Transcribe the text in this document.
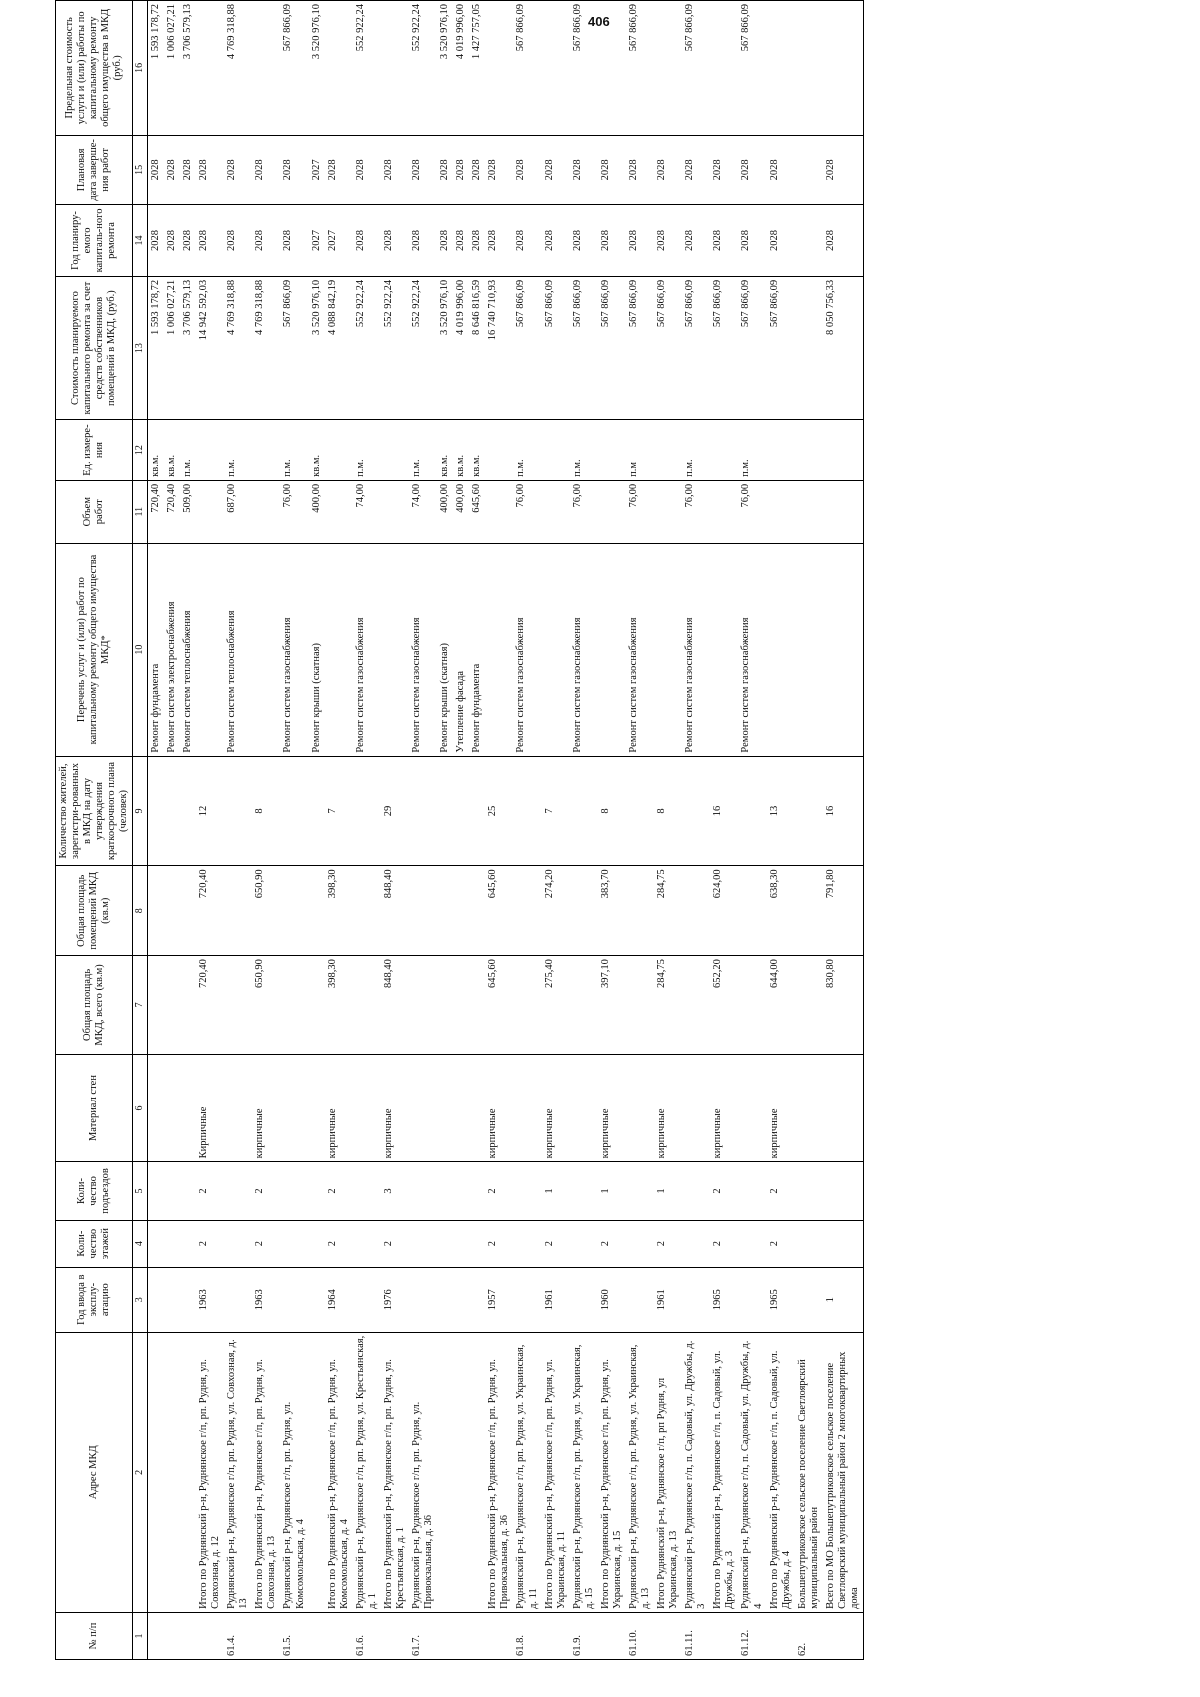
406
№ п/п	Адрес МКД	Год ввода в эксплу-атацию	Коли-чество этажей	Коли-чество подъездов	Материал стен	Общая площадь МКД, всего (кв.м)	Общая площадь помещений МКД (кв.м)	Количество жителей, зарегистри-рованных в МКД на дату утверждения краткосрочного плана (человек)	Перечень услуг и (или) работ по капитальному ремонту общего имущества МКД*	Объем работ	Ед. измере-ния	Стоимость планируемого капитального ремонта за счет средств собственников помещений в МКД, (руб.)	Год планиру-емого капиталь-ного ремонта	Плановая дата заверше-ния работ	Предельная стоимость услуги и (или) работы по капитальному ремонту общего имущества в МКД (руб.)
1	2	3	4	5	6	7	8	9	10	11	12	13	14	15	16
									Ремонт фундамента	720,40	кв.м.	1 593 178,72	2028	2028	1 593 178,72
									Ремонт систем электроснабжения	720,40	кв.м.	1 006 027,21	2028	2028	1 006 027,21
									Ремонт систем теплоснабжения	509,00	п.м.	3 706 579,13	2028	2028	3 706 579,13
	Итого по Руднянский р-н, Руднянское г/п, рп. Рудня, ул. Совхозная, д. 12	1963	2	2	Кирпичные	720,40	720,40	12				14 942 592,03	2028	2028	
61.4.	Руднянский р-н, Руднянское г/п, рп. Рудня, ул. Совхозная, д. 13								Ремонт систем теплоснабжения	687,00	п.м.	4 769 318,88	2028	2028	4 769 318,88
	Итого по Руднянский р-н, Руднянское г/п, рп. Рудня, ул. Совхозная, д. 13	1963	2	2	кирпичные	650,90	650,90	8				4 769 318,88	2028	2028	
61.5.	Руднянский р-н, Руднянское г/п, рп. Рудня, ул. Комсомольская, д. 4								Ремонт систем газоснабжения	76,00	п.м.	567 866,09	2028	2028	567 866,09
									Ремонт крыши (скатная)	400,00	кв.м.	3 520 976,10	2027	2027	3 520 976,10
	Итого по Руднянский р-н, Руднянское г/п, рп. Рудня, ул. Комсомольская, д. 4	1964	2	2	кирпичные	398,30	398,30	7				4 088 842,19	2027	2028	
61.6.	Руднянский р-н, Руднянское г/п, рп. Рудня, ул. Крестьянская, д. 1								Ремонт систем газоснабжения	74,00	п.м.	552 922,24	2028	2028	552 922,24
	Итого по Руднянский р-н, Руднянское г/п, рп. Рудня, ул. Крестьянская, д. 1	1976	2	3	кирпичные	848,40	848,40	29				552 922,24	2028	2028	
61.7.	Руднянский р-н, Руднянское г/п, рп. Рудня, ул. Привокзальная, д. 36								Ремонт систем газоснабжения	74,00	п.м.	552 922,24	2028	2028	552 922,24
									Ремонт крыши (скатная)	400,00	кв.м.	3 520 976,10	2028	2028	3 520 976,10
									Утепление фасада	400,00	кв.м.	4 019 996,00	2028	2028	4 019 996,00
									Ремонт фундамента	645,60	кв.м.	8 646 816,59	2028	2028	1 427 757,05
	Итого по Руднянский р-н, Руднянское г/п, рп. Рудня, ул. Привокзальная, д. 36	1957	2	2	кирпичные	645,60	645,60	25				16 740 710,93	2028	2028	
61.8.	Руднянский р-н, Руднянское г/п, рп. Рудня, ул. Украинская, д. 11								Ремонт систем газоснабжения	76,00	п.м.	567 866,09	2028	2028	567 866,09
	Итого по Руднянский р-н, Руднянское г/п, рп. Рудня, ул. Украинская, д. 11	1961	2	1	кирпичные	275,40	274,20	7				567 866,09	2028	2028	
61.9.	Руднянский р-н, Руднянское г/п, рп. Рудня, ул. Украинская, д. 15								Ремонт систем газоснабжения	76,00	п.м.	567 866,09	2028	2028	567 866,09
	Итого по Руднянский р-н, Руднянское г/п, рп. Рудня, ул. Украинская, д. 15	1960	2	1	кирпичные	397,10	383,70	8				567 866,09	2028	2028	
61.10.	Руднянский р-н, Руднянское г/п, рп. Рудня, ул. Украинская, д. 13								Ремонт систем газоснабжения	76,00	п.м	567 866,09	2028	2028	567 866,09
	Итого Руднянский р-н, Руднянское г/п, рп Рудня, ул Украинская, д. 13	1961	2	1	кирпичные	284,75	284,75	8				567 866,09	2028	2028	
61.11.	Руднянский р-н, Руднянское г/п, п. Садовый, ул. Дружбы, д. 3								Ремонт систем газоснабжения	76,00	п.м.	567 866,09	2028	2028	567 866,09
	Итого по Руднянский р-н, Руднянское г/п, п. Садовый, ул. Дружбы, д. 3	1965	2	2	кирпичные	652,20	624,00	16				567 866,09	2028	2028	
61.12.	Руднянский р-н, Руднянское г/п, п. Садовый, ул. Дружбы, д. 4								Ремонт систем газоснабжения	76,00	п.м.	567 866,09	2028	2028	567 866,09
	Итого по Руднянский р-н, Руднянское г/п, п. Садовый, ул. Дружбы, д. 4	1965	2	2	кирпичные	644,00	638,30	13				567 866,09	2028	2028	
62.	Большепутриковское сельское поселение Светлоярский муниципальный район														
	Всего по МО Большепутриковское сельское поселение Светлоярский муниципальный район 2 многоквартирных дома	1				830,80	791,80	16				8 050 756,33	2028	2028	
